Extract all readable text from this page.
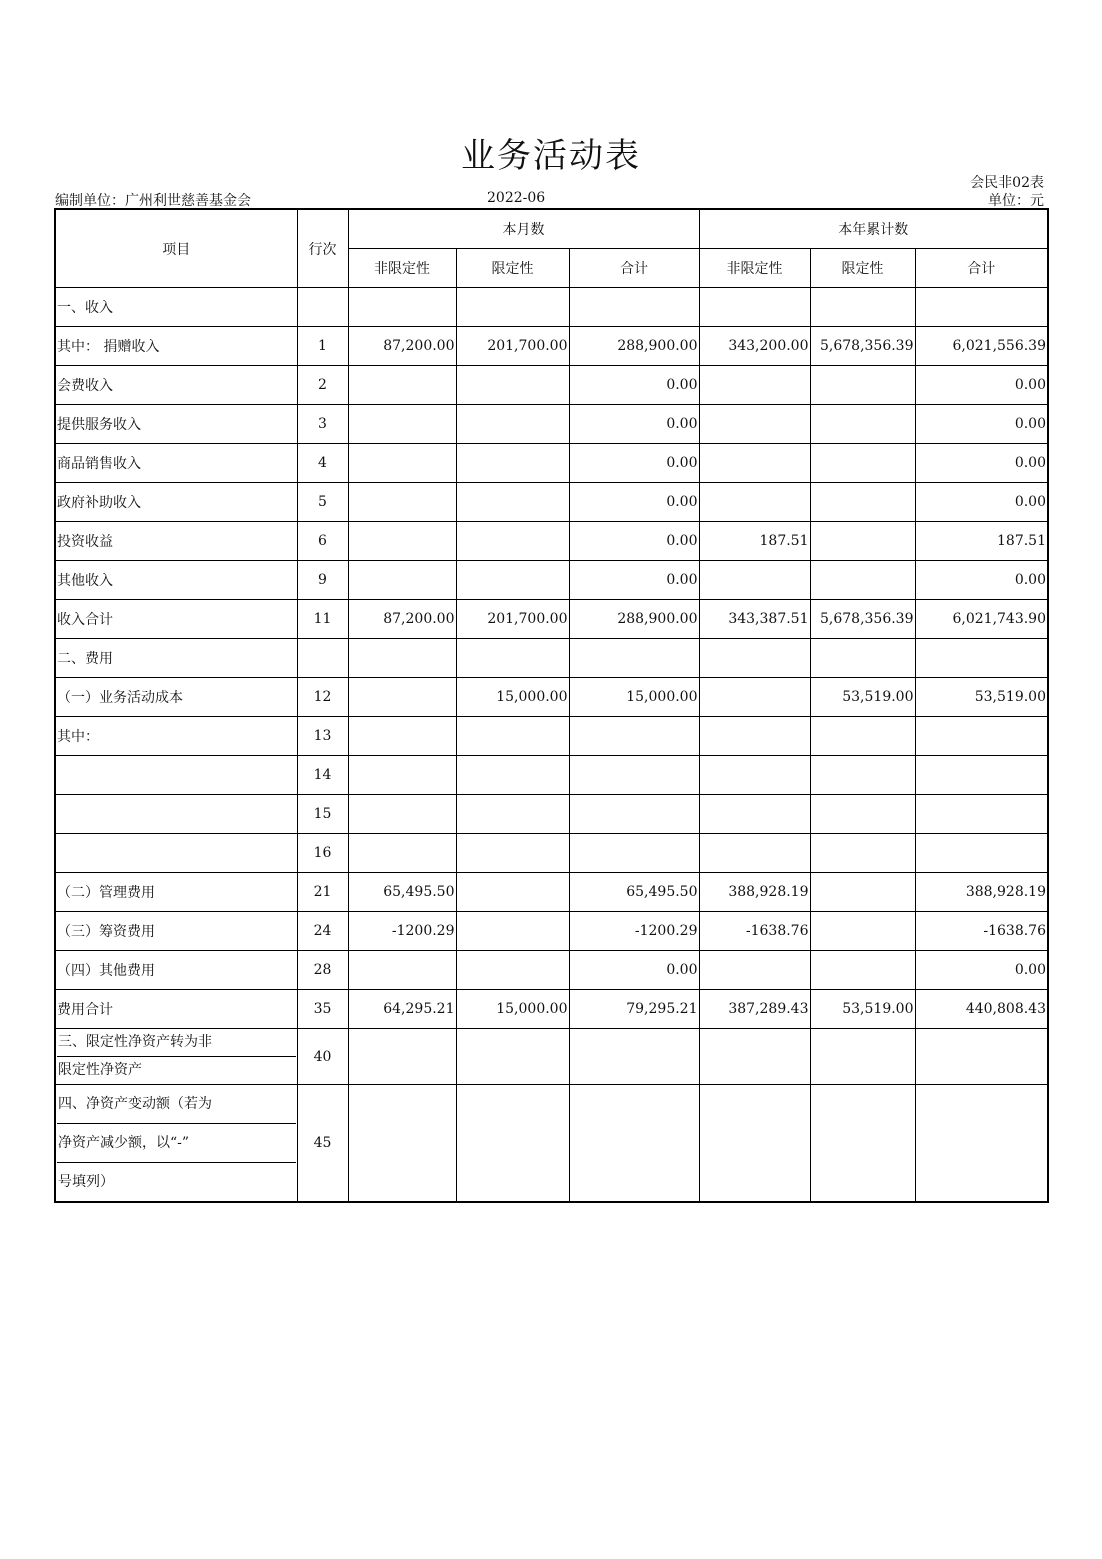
业务活动表
会民非02表
编制单位：广州利世慈善基金会	2022-06	单位：元
项目	行次	本月数			本年累计数		
		非限定性	限定性	合计	非限定性	限定性	合计
一、收入							
其中： 捐赠收入	1	87,200.00	201,700.00	288,900.00	343,200.00	5,678,356.39	6,021,556.39
会费收入	2			0.00			0.00
提供服务收入	3			0.00			0.00
商品销售收入	4			0.00			0.00
政府补助收入	5			0.00			0.00
投资收益	6			0.00	187.51		187.51
其他收入	9			0.00			0.00
收入合计	11	87,200.00	201,700.00	288,900.00	343,387.51	5,678,356.39	6,021,743.90
二、费用							
（一）业务活动成本	12		15,000.00	15,000.00		53,519.00	53,519.00
其中：	13						
	14						
	15						
	16						
（二）管理费用	21	65,495.50		65,495.50	388,928.19		388,928.19
（三）筹资费用	24	-1200.29		-1200.29	-1638.76		-1638.76
（四）其他费用	28			0.00			0.00
费用合计	35	64,295.21	15,000.00	79,295.21	387,289.43	53,519.00	440,808.43

三、限定性净资产转为非
限定性净资产	40						

四、净资产变动额（若为
净资产减少额，以“-”
号填列）	45						
